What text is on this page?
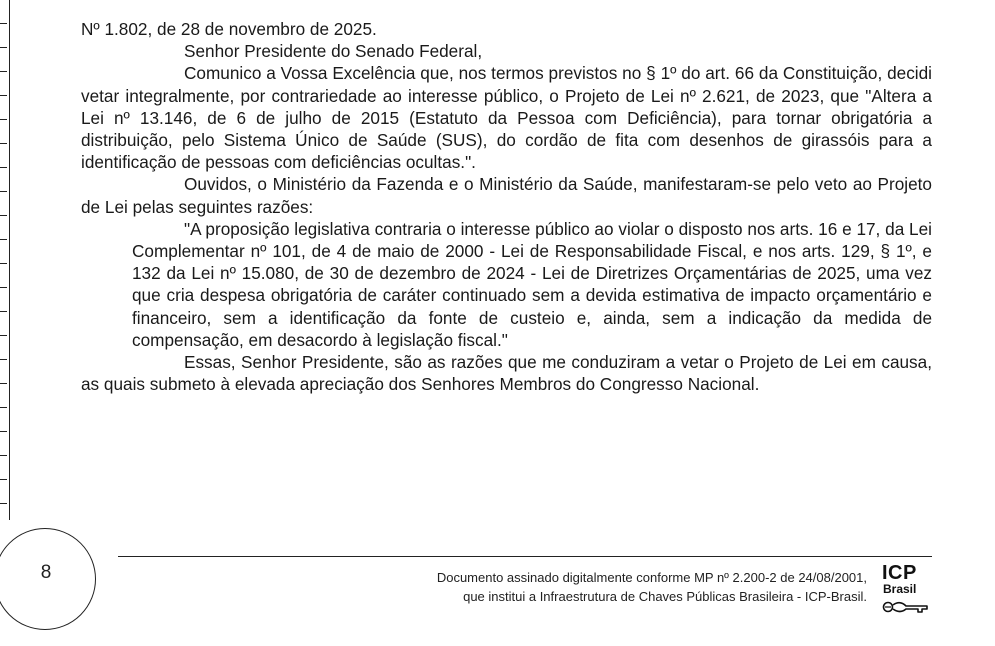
Nº 1.802, de 28 de novembro de 2025.

Senhor Presidente do Senado Federal,

Comunico a Vossa Excelência que, nos termos previstos no § 1º do art. 66 da Constituição, decidi vetar integralmente, por contrariedade ao interesse público, o Projeto de Lei nº 2.621, de 2023, que "Altera a Lei nº 13.146, de 6 de julho de 2015 (Estatuto da Pessoa com Deficiência), para tornar obrigatória a distribuição, pelo Sistema Único de Saúde (SUS), do cordão de fita com desenhos de girassóis para a identificação de pessoas com deficiências ocultas.".

Ouvidos, o Ministério da Fazenda e o Ministério da Saúde, manifestaram-se pelo veto ao Projeto de Lei pelas seguintes razões:

"A proposição legislativa contraria o interesse público ao violar o disposto nos arts. 16 e 17, da Lei Complementar nº 101, de 4 de maio de 2000 - Lei de Responsabilidade Fiscal, e nos arts. 129, § 1º, e 132 da Lei nº 15.080, de 30 de dezembro de 2024 - Lei de Diretrizes Orçamentárias de 2025, uma vez que cria despesa obrigatória de caráter continuado sem a devida estimativa de impacto orçamentário e financeiro, sem a identificação da fonte de custeio e, ainda, sem a indicação da medida de compensação, em desacordo à legislação fiscal."

Essas, Senhor Presidente, são as razões que me conduziram a vetar o Projeto de Lei em causa, as quais submeto à elevada apreciação dos Senhores Membros do Congresso Nacional.

8	Documento assinado digitalmente conforme MP nº 2.200-2 de 24/08/2001,
que institui a Infraestrutura de Chaves Públicas Brasileira - ICP-Brasil.
ICP
Brasil
